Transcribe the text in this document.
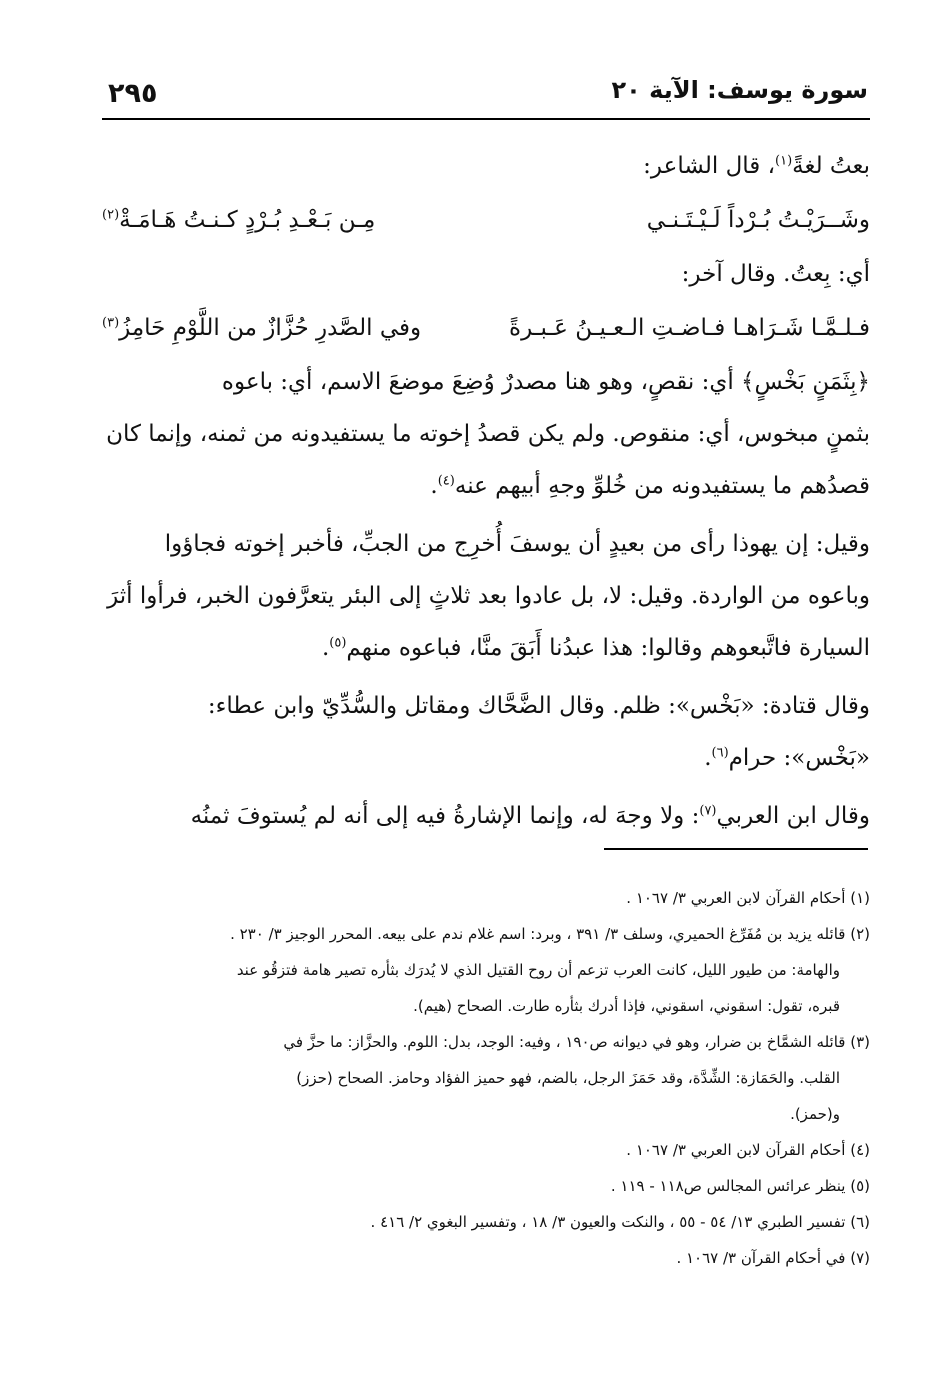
٢٩٥	سورة يوسف: الآية ٢٠
بعتُ لغةً$^{(١)}$، قال الشاعر:
وشَــرَيْـتُ بُـرْداً لَـيْـتَـنـي
مِـن بَـعْـدِ بُـرْدٍ كـنـتُ هَـامَـةْ$^{(٢)}$
أي: بِعتُ. وقال آخر:
فـلـمَّـا شَـرَاهـا فـاضـتِ الـعـيـنُ عَـبـرةً
وفي الصَّدرِ حُزَّازٌ من اللَّوْمِ حَامِزُ$^{(٣)}$
﴿بِثَمَنٍ بَخْسٍ﴾ أي: نقصٍ، وهو هنا مصدرٌ وُضِعَ موضعَ الاسم، أي: باعوه
بثمنٍ مبخوس، أي: منقوص. ولم يكن قصدُ إخوته ما يستفيدونه من ثمنه، وإنما كان
قصدُهم ما يستفيدونه من خُلوِّ وجهِ أبيهم عنه$^{(٤)}$.
وقيل: إن يهوذا رأى من بعيدٍ أن يوسفَ أُخرِج من الجبِّ، فأخبر إخوته فجاؤوا
وباعوه من الواردة. وقيل: لا، بل عادوا بعد ثلاثٍ إلى البئر يتعرَّفون الخبر، فرأوا أثرَ
السيارة فاتَّبعوهم وقالوا: هذا عبدُنا أَبَقَ منَّا، فباعوه منهم$^{(٥)}$.
وقال قتادة: «بَخْس»: ظلم. وقال الضَّحَّاك ومقاتل والسُّدِّيّ وابن عطاء:
«بَخْس»: حرام$^{(٦)}$.
وقال ابن العربي$^{(٧)}$: ولا وجهَ له، وإنما الإشارةُ فيه إلى أنه لم يُستوفَ ثمنُه
(١) أحكام القرآن لابن العربي ٣/ ١٠٦٧ .
(٢) قائله يزيد بن مُفَرِّغ الحميري، وسلف ٣/ ٣٩١ ، وبرد: اسم غلام ندم على بيعه. المحرر الوجيز ٣/ ٢٣٠ .
والهامة: من طيور الليل، كانت العرب تزعم أن روح القتيل الذي لا يُدرَك بثأره تصير هامة فتزقُو عند
قبره، تقول: اسقوني، اسقوني، فإذا أدرك بثأره طارت. الصحاح (هيم).
(٣) قائله الشمَّاخ بن ضرار، وهو في ديوانه ص١٩٠ ، وفيه: الوجد، بدل: اللوم. والحزَّاز: ما حزَّ في
القلب. والحَمَازة: الشِّدَّة، وقد حَمَزَ الرجل، بالضم، فهو حميز الفؤاد وحامز. الصحاح (حزز)
و(حمز).
(٤) أحكام القرآن لابن العربي ٣/ ١٠٦٧ .
(٥) ينظر عرائس المجالس ص١١٨ - ١١٩ .
(٦) تفسير الطبري ١٣/ ٥٤ - ٥٥ ، والنكت والعيون ٣/ ١٨ ، وتفسير البغوي ٢/ ٤١٦ .
(٧) في أحكام القرآن ٣/ ١٠٦٧ .
